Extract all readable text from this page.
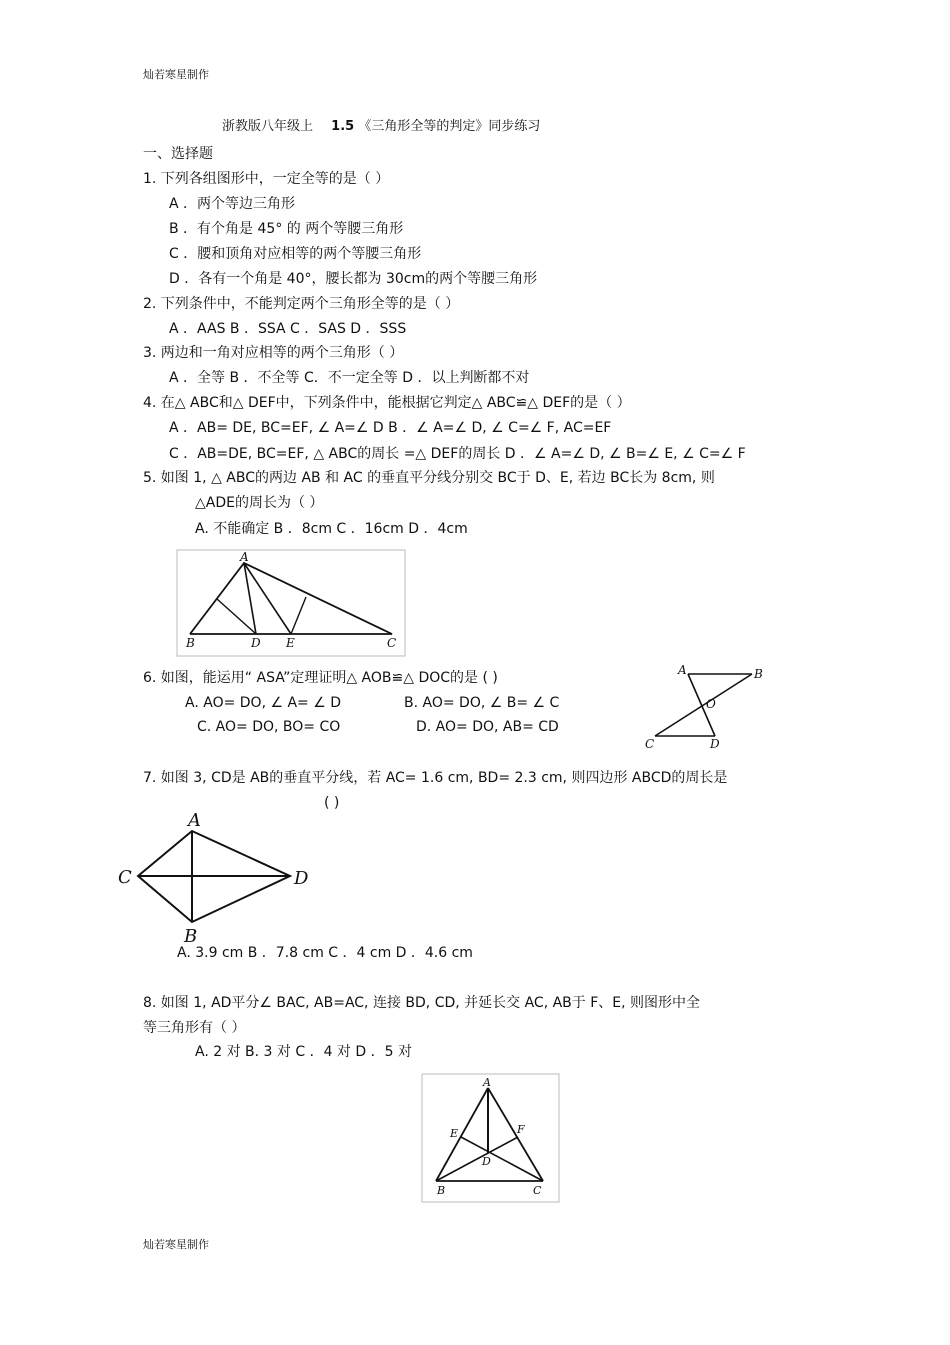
灿若寒星制作
灿若寒星制作
浙教版八年级上 1.5 《三角形全等的判定》同步练习
一、选择题
1. 下列各组图形中，一定全等的是（ ）
A ．两个等边三角形
B ．有个角是 45° 的 两个等腰三角形
C ．腰和顶角对应相等的两个等腰三角形
D ．各有一个角是 40°，腰长都为 30cm的两个等腰三角形
2. 下列条件中，不能判定两个三角形全等的是（ ）
A ．AAS B ．SSA C ．SAS D ．SSS
3. 两边和一角对应相等的两个三角形（ ）
A ．全等 B ．不全等 C．不一定全等 D ．以上判断都不对
4. 在△ ABC和△ DEF中，下列条件中，能根据它判定△ ABC≌△ DEF的是（ ）
A ．AB= DE, BC=EF, ∠ A=∠ D B ．∠ A=∠ D, ∠ C=∠ F, AC=EF
C ．AB=DE, BC=EF, △ ABC的周长 =△ DEF的周长 D ．∠ A=∠ D, ∠ B=∠ E, ∠ C=∠ F
5. 如图 1, △ ABC的两边 AB 和 AC 的垂直平分线分别交 BC于 D、E, 若边 BC长为 8cm, 则
△ADE的周长为（ ）
A. 不能确定 B ．8cm C ．16cm D ．4cm
A
B	D E	C
6. 如图，能运用“ ASA”定理证明△ AOB≌△ DOC的是 ( )
A. AO= DO, ∠ A= ∠ D	B. AO= DO, ∠ B= ∠ C
C. AO= DO, BO= CO	D. AO= DO, AB= CD
A	B
O
C	D
7. 如图 3, CD是 AB的垂直平分线，若 AC= 1.6 cm, BD= 2.3 cm, 则四边形 ABCD的周长是
( )
A
C	D
B
A. 3.9 cm B ．7.8 cm C ．4 cm D ．4.6 cm
8. 如图 1, AD平分∠ BAC, AB=AC, 连接 BD, CD, 并延长交 AC, AB于 F、E, 则图形中全
等三角形有（ ）
A. 2 对 B. 3 对 C ．4 对 D ．5 对
A
E	F
D
B	C
